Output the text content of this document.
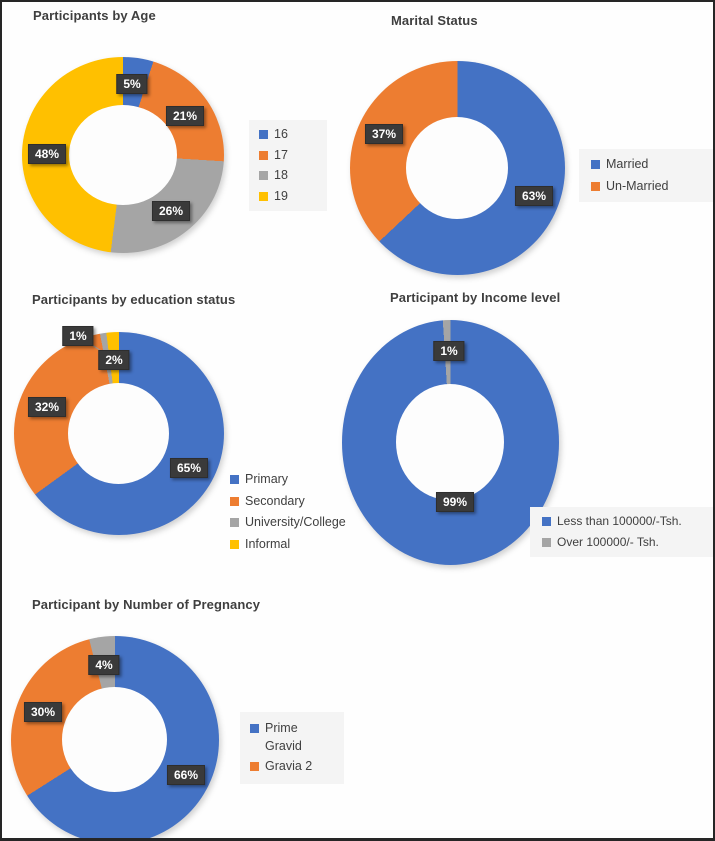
Participants by Age
5%
21%
26%
48%
16
17
18
19
Marital Status
63%
37%
Married
Un-Married
Participants by education status
1%
2%
32%
65%
Primary
Secondary
University/College
Informal
Participant by Income level
1%
99%
Less than 100000/-Tsh.
Over 100000/- Tsh.
Participant by Number of Pregnancy
4%
30%
66%
Prime Gravid
Gravia 2
